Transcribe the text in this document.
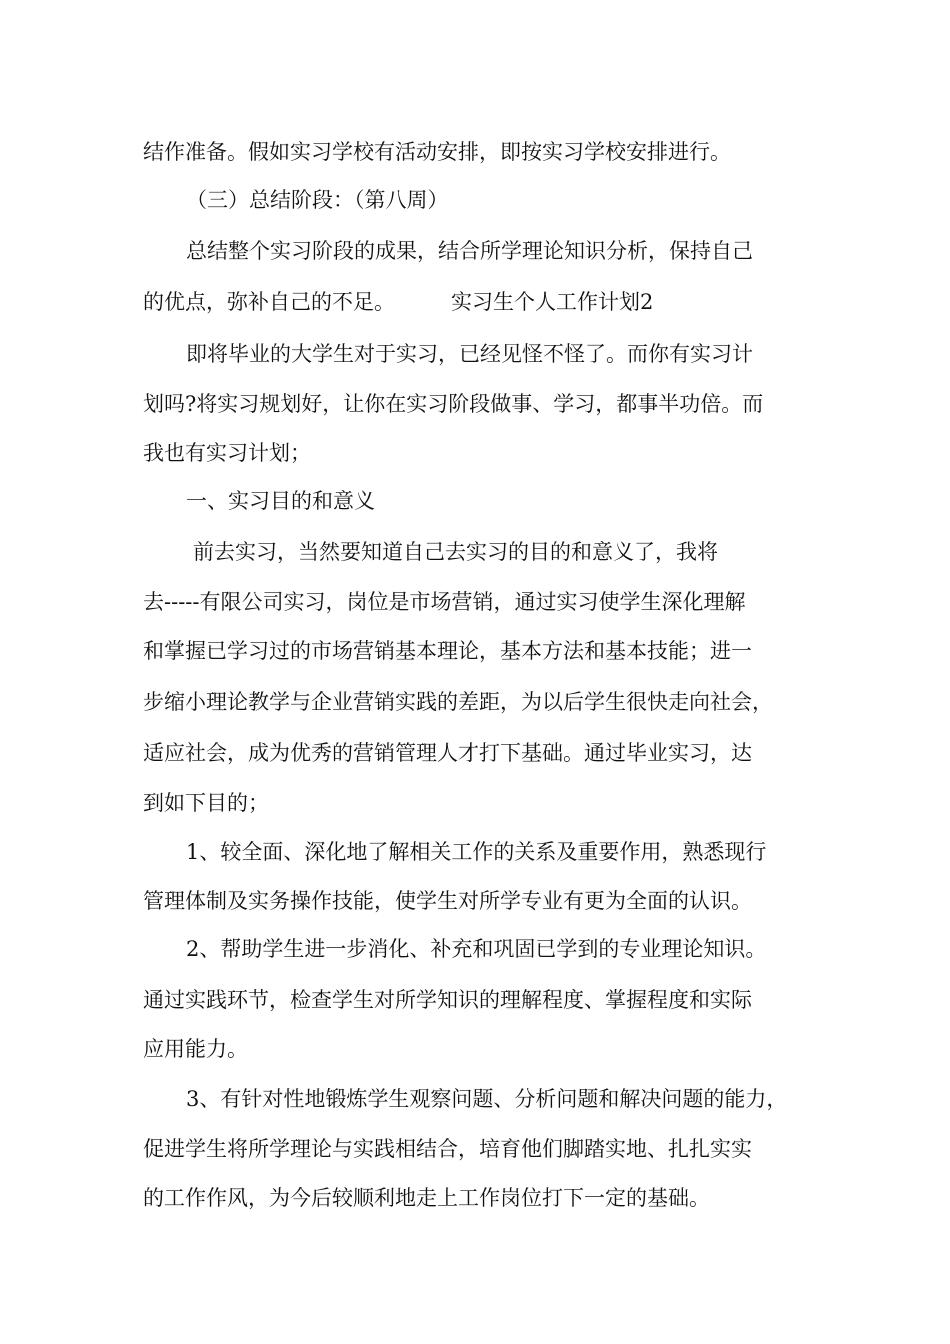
结作准备。假如实习学校有活动安排，即按实习学校安排进行。
（三）总结阶段：（第八周）
总结整个实习阶段的成果，结合所学理论知识分析，保持自己
的优点，弥补自己的不足。	实习生个人工作计划2
即将毕业的大学生对于实习，已经见怪不怪了。而你有实习计
划吗?将实习规划好，让你在实习阶段做事、学习，都事半功倍。而
我也有实习计划；
一、实习目的和意义
前去实习，当然要知道自己去实习的目的和意义了，我将
去-----有限公司实习，岗位是市场营销，通过实习使学生深化理解
和掌握已学习过的市场营销基本理论，基本方法和基本技能；进一
步缩小理论教学与企业营销实践的差距，为以后学生很快走向社会，
适应社会，成为优秀的营销管理人才打下基础。通过毕业实习，达
到如下目的；
1、较全面、深化地了解相关工作的关系及重要作用，熟悉现行
管理体制及实务操作技能，使学生对所学专业有更为全面的认识。
2、帮助学生进一步消化、补充和巩固已学到的专业理论知识。
通过实践环节，检查学生对所学知识的理解程度、掌握程度和实际
应用能力。
3、有针对性地锻炼学生观察问题、分析问题和解决问题的能力，
促进学生将所学理论与实践相结合，培育他们脚踏实地、扎扎实实
的工作作风，为今后较顺利地走上工作岗位打下一定的基础。
